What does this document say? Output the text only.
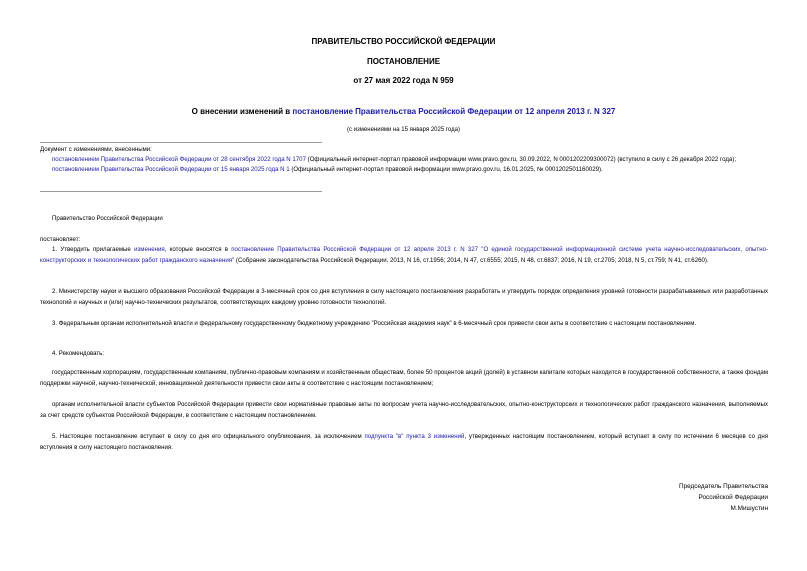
ПРАВИТЕЛЬСТВО РОССИЙСКОЙ ФЕДЕРАЦИИ
ПОСТАНОВЛЕНИЕ
от 27 мая 2022 года N 959
О внесении изменений в постановление Правительства Российской Федерации от 12 апреля 2013 г. N 327
(с изменениями на 15 января 2025 года)
Документ с изменениями, внесенными:
постановлением Правительства Российской Федерации от 28 сентября 2022 года N 1707 (Официальный интернет-портал правовой информации www.pravo.gov.ru, 30.09.2022, N 0001202209300072) (вступило в силу с 26 декабря 2022 года);
постановлением Правительства Российской Федерации от 15 января 2025 года N 1 (Официальный интернет-портал правовой информации www.pravo.gov.ru, 16.01.2025, № 0001202501160029).
Правительство Российской Федерации
постановляет:
1. Утвердить прилагаемые изменения, которые вносятся в постановление Правительства Российской Федерации от 12 апреля 2013 г. N 327 "О единой государственной информационной системе учета научно-исследовательских, опытно-конструкторских и технологических работ гражданского назначения" (Собрание законодательства Российской Федерации, 2013, N 16, ст.1956; 2014, N 47, ст.6555; 2015, N 48, ст.6837; 2016, N 19, ст.2705; 2018, N 5, ст.759; N 41, ст.6260).
2. Министерству науки и высшего образования Российской Федерации в 3-месячный срок со дня вступления в силу настоящего постановления разработать и утвердить порядок определения уровней готовности разрабатываемых или разработанных технологий и научных и (или) научно-технических результатов, соответствующих каждому уровню готовности технологий.
3. Федеральным органам исполнительной власти и федеральному государственному бюджетному учреждению "Российская академия наук" в 6-месячный срок привести свои акты в соответствие с настоящим постановлением.
4. Рекомендовать:
государственным корпорациям, государственным компаниям, публично-правовым компаниям и хозяйственным обществам, более 50 процентов акций (долей) в уставном капитале которых находится в государственной собственности, а также фондам поддержки научной, научно-технической, инновационной деятельности привести свои акты в соответствие с настоящим постановлением;
органам исполнительной власти субъектов Российской Федерации привести свои нормативные правовые акты по вопросам учета научно-исследовательских, опытно-конструкторских и технологических работ гражданского назначения, выполняемых за счет средств субъектов Российской Федерации, в соответствие с настоящим постановлением.
5. Настоящее постановление вступает в силу со дня его официального опубликования, за исключением подпункта "в" пункта 3 изменений, утвержденных настоящим постановлением, который вступает в силу по истечении 6 месяцев со дня вступления в силу настоящего постановления.
Председатель Правительства
Российской Федерации
М.Мишустин
